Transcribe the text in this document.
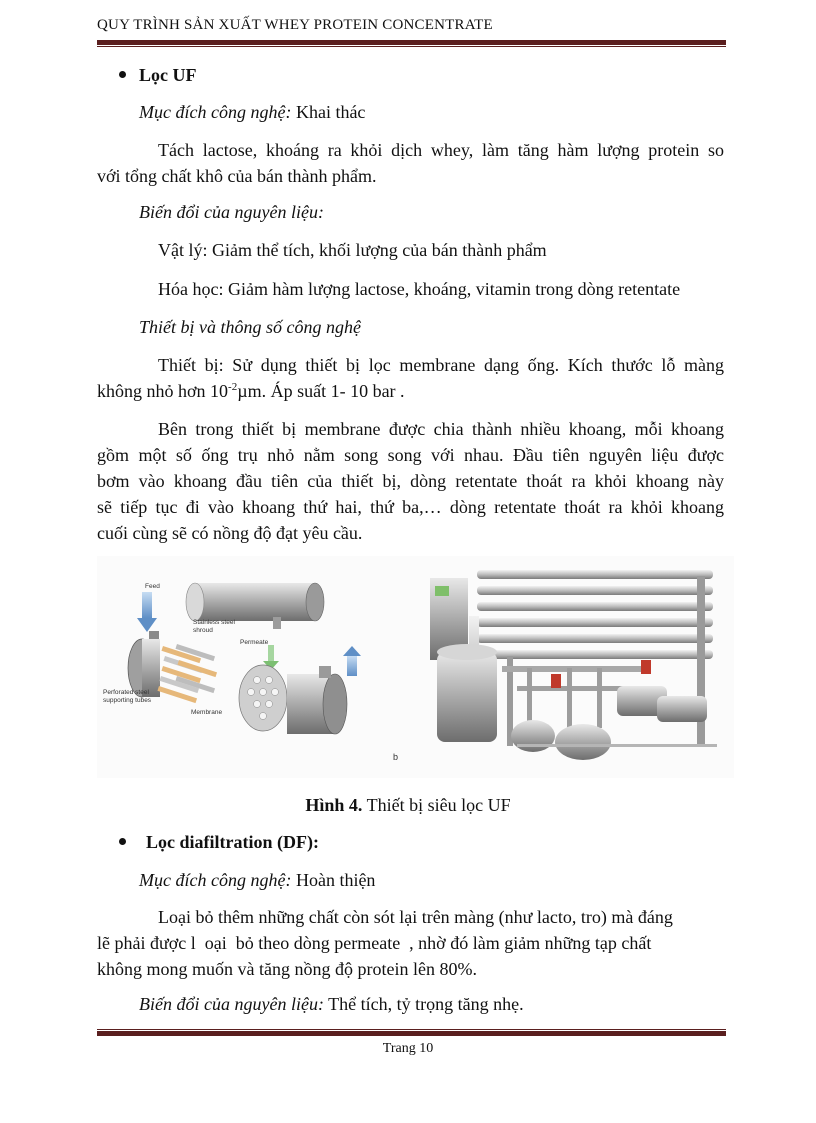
QUY TRÌNH SẢN XUẤT WHEY PROTEIN CONCENTRATE
Lọc UF
Mục đích công nghệ: Khai thác
Tách lactose, khoáng ra khỏi dịch whey, làm tăng hàm lượng protein so
với tổng chất khô của bán thành phẩm.
Biến đổi của nguyên liệu:
Vật lý: Giảm thể tích, khối lượng của bán thành phẩm
Hóa học: Giảm hàm lượng lactose, khoáng, vitamin trong dòng retentate
Thiết bị và thông số công nghệ
Thiết bị: Sử dụng thiết bị lọc membrane dạng ống. Kích thước lỗ màng
không nhỏ hơn $10^{-2}\mu m$. Áp suất 1- 10 bar .
Bên trong thiết bị membrane được chia thành nhiều khoang, mỗi khoang
gồm một số ống trụ nhỏ nằm song song với nhau. Đầu tiên nguyên liệu được
bơm vào khoang đầu tiên của thiết bị, dòng retentate thoát ra khỏi khoang này
sẽ tiếp tục đi vào khoang thứ hai, thứ ba,… dòng retentate thoát ra khỏi khoang
cuối cùng sẽ có nồng độ đạt yêu cầu.
Feed
Stainless steel
shroud
Permeate
Perforated steel
supporting tubes
Membrane
b
Hình 4. Thiết bị siêu lọc UF
Lọc diafiltration (DF):
Mục đích công nghệ: Hoàn thiện
Loại bỏ thêm những chất còn sót lại trên màng (như lacto, tro) mà đáng
lẽ phải được l  oại  bỏ theo dòng permeate  , nhờ đó làm giảm những tạp chất
không mong muốn và tăng nồng độ protein lên 80%.
Biến đổi của nguyên liệu: Thể tích, tỷ trọng tăng nhẹ.
Trang 10
